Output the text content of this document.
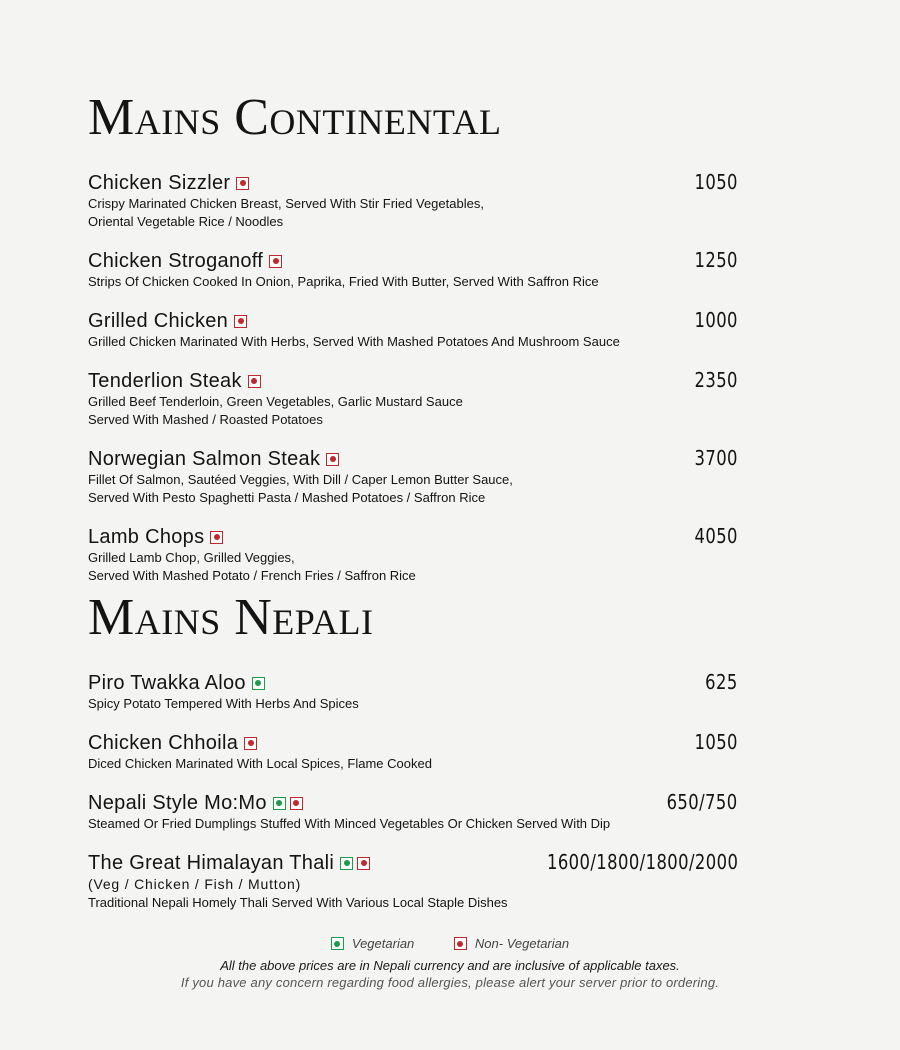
Mains Continental
Chicken Sizzler	1050
Crispy Marinated Chicken Breast, Served With Stir Fried Vegetables,
Oriental Vegetable Rice / Noodles
Chicken Stroganoff	1250
Strips Of Chicken Cooked In Onion, Paprika, Fried With Butter, Served With Saffron Rice
Grilled Chicken	1000
Grilled Chicken Marinated With Herbs, Served With Mashed Potatoes And Mushroom Sauce
Tenderlion Steak	2350
Grilled Beef Tenderloin, Green Vegetables, Garlic Mustard Sauce
Served With Mashed / Roasted Potatoes
Norwegian Salmon Steak	3700
Fillet Of Salmon, Sautéed Veggies, With Dill / Caper Lemon Butter Sauce,
Served With Pesto Spaghetti Pasta / Mashed Potatoes / Saffron Rice
Lamb Chops	4050
Grilled Lamb Chop, Grilled Veggies,
Served With Mashed Potato / French Fries / Saffron Rice
Mains Nepali
Piro Twakka Aloo	625
Spicy Potato Tempered With Herbs And Spices
Chicken Chhoila	1050
Diced Chicken Marinated With Local Spices, Flame Cooked
Nepali Style Mo:Mo	650/750
Steamed Or Fried Dumplings Stuffed With Minced Vegetables Or Chicken Served With Dip
The Great Himalayan Thali	1600/1800/1800/2000
(Veg / Chicken / Fish / Mutton)
Traditional Nepali Homely Thali Served With Various Local Staple Dishes
Vegetarian
	Non- Vegetarian
All the above prices are in Nepali currency and are inclusive of applicable taxes.
If you have any concern regarding food allergies, please alert your server prior to ordering.
